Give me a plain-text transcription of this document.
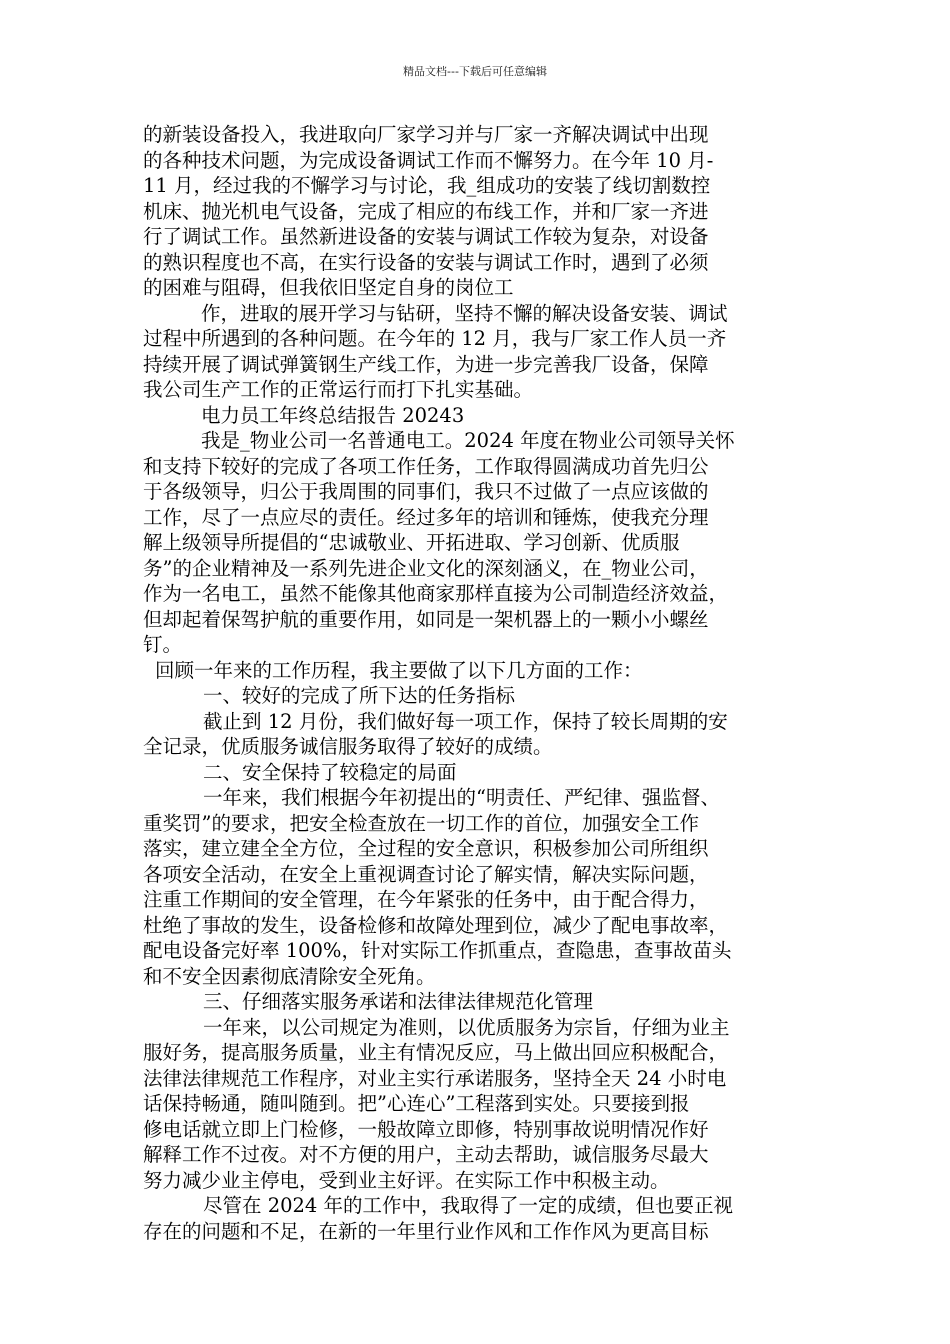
精品文档---下载后可任意编辑
的新装设备投入，我进取向厂家学习并与厂家一齐解决调试中出现
的各种技术问题，为完成设备调试工作而不懈努力。在今年 10 月-
11 月，经过我的不懈学习与讨论，我_组成功的安装了线切割数控
机床、抛光机电气设备，完成了相应的布线工作，并和厂家一齐进
行了调试工作。虽然新进设备的安装与调试工作较为复杂，对设备
的熟识程度也不高，在实行设备的安装与调试工作时，遇到了必须
的困难与阻碍，但我依旧坚定自身的岗位工
作，进取的展开学习与钻研，坚持不懈的解决设备安装、调试
过程中所遇到的各种问题。在今年的 12 月，我与厂家工作人员一齐
持续开展了调试弹簧钢生产线工作，为进一步完善我厂设备，保障
我公司生产工作的正常运行而打下扎实基础。
电力员工年终总结报告 20243
我是_物业公司一名普通电工。2024 年度在物业公司领导关怀
和支持下较好的完成了各项工作任务，工作取得圆满成功首先归公
于各级领导，归公于我周围的同事们，我只不过做了一点应该做的
工作，尽了一点应尽的责任。经过多年的培训和锤炼，使我充分理
解上级领导所提倡的“忠诚敬业、开拓进取、学习创新、优质服
务”的企业精神及一系列先进企业文化的深刻涵义，在_物业公司，
作为一名电工，虽然不能像其他商家那样直接为公司制造经济效益，
但却起着保驾护航的重要作用，如同是一架机器上的一颗小小螺丝
钉。
回顾一年来的工作历程，我主要做了以下几方面的工作：
一、较好的完成了所下达的任务指标
截止到 12 月份，我们做好每一项工作，保持了较长周期的安
全记录，优质服务诚信服务取得了较好的成绩。
二、安全保持了较稳定的局面
一年来，我们根据今年初提出的“明责任、严纪律、强监督、
重奖罚”的要求，把安全检查放在一切工作的首位，加强安全工作
落实，建立建全全方位，全过程的安全意识，积极参加公司所组织
各项安全活动，在安全上重视调查讨论了解实情，解决实际问题，
注重工作期间的安全管理，在今年紧张的任务中，由于配合得力，
杜绝了事故的发生，设备检修和故障处理到位，减少了配电事故率，
配电设备完好率 100%，针对实际工作抓重点，查隐患，查事故苗头
和不安全因素彻底清除安全死角。
三、仔细落实服务承诺和法律法律规范化管理
一年来，以公司规定为准则，以优质服务为宗旨，仔细为业主
服好务，提高服务质量，业主有情况反应，马上做出回应积极配合，
法律法律规范工作程序，对业主实行承诺服务，坚持全天 24 小时电
话保持畅通，随叫随到。把”心连心”工程落到实处。只要接到报
修电话就立即上门检修，一般故障立即修，特别事故说明情况作好
解释工作不过夜。对不方便的用户，主动去帮助，诚信服务尽最大
努力减少业主停电，受到业主好评。在实际工作中积极主动。
尽管在 2024 年的工作中，我取得了一定的成绩，但也要正视
存在的问题和不足，在新的一年里行业作风和工作作风为更高目标
